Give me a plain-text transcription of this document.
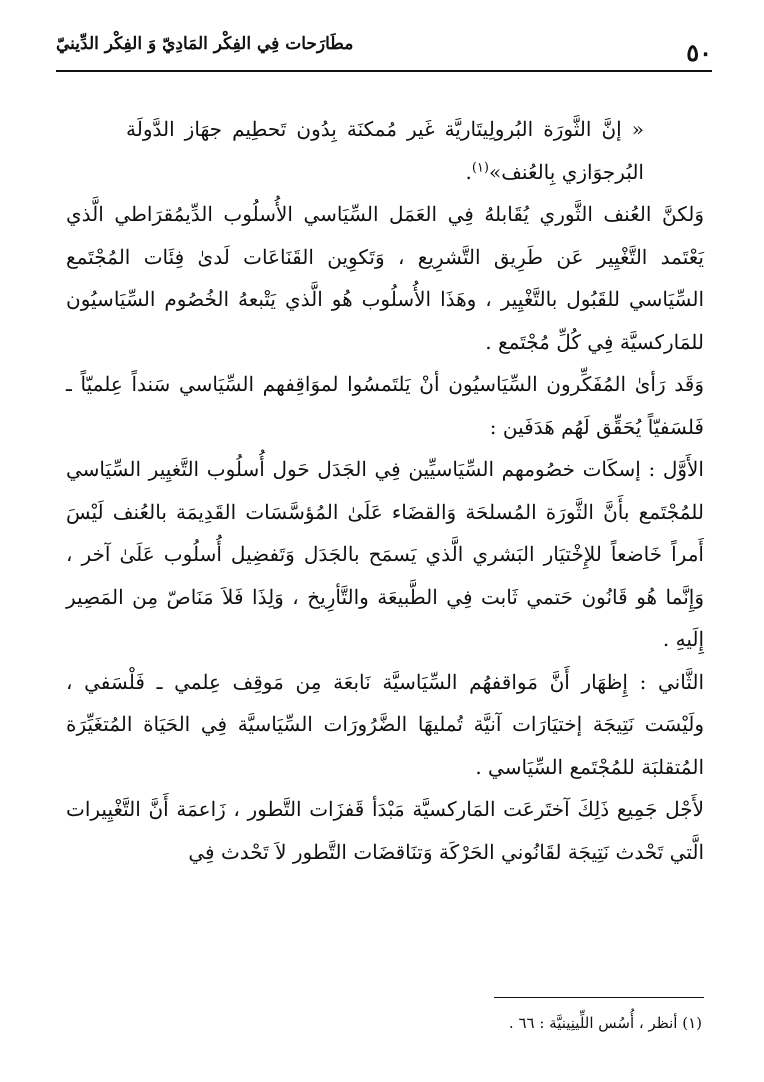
٥٠
مطَارَحات فِي الفِكْر المَادِيّ وَ الفِكْر الدِّينيّ

« إنَّ الثَّورَة البُرولِيتَاريَّة غَير مُمكنَة بِدُون تَحطِيم جهَاز الدَّولَة البُرجوَازي بِالعُنف»$^{(١)}$.

وَلكنَّ العُنف الثَّوري يُقَابلهُ فِي العَمَل السِّيَاسي الأُسلُوب الدِّيمُقرَاطي الَّذي يَعْتَمد التَّغْيِير عَن طَرِيق التَّشرِيع ، وَتَكوِين القَنَاعَات لَدىٰ فِئَات المُجْتَمع السِّيَاسي للقَبُول بالتَّغْيِير ، وهَذَا الأُسلُوب هُو الَّذي يَتْبعهُ الخُصُوم السِّيَاسيُون للمَاركسيَّة فِي كُلِّ مُجْتَمع .

وَقَد رَأىٰ المُفَكِّرون السِّيَاسيُون أنْ يَلتَمسُوا لموَاقِفهم السِّيَاسي سَنداً عِلميّاً ـ فَلسَفيّاً يُحَقِّق لَهُم هَدَفَين :

الأَوَّل : إسكَات خصُومهم السِّيَاسيِّين فِي الجَدَل حَول أُسلُوب التَّغيِير السِّيَاسي للمُجْتَمع بأَنَّ الثَّورَة المُسلحَة وَالقضَاء عَلَىٰ المُؤسَّسَات القَدِيمَة بالعُنف لَيْسَ أَمراً خَاضعاً للإِخْتيَار البَشري الَّذي يَسمَح بالجَدَل وَتَفضِيل أُسلُوب عَلَىٰ آخر ، وَإِنَّما هُو قَانُون حَتمي ثَابت فِي الطَّبيعَة والتَّأرِيخ ، وَلِذَا فَلاَ مَنَاصّ مِن المَصِير إِلَيهِ .

الثَّاني : إِظهَار أَنَّ مَواقفهُم السِّيَاسيَّة نَابعَة مِن مَوقِف عِلمي ـ فَلْسَفي ، ولَيْسَت نَتِيجَة إختيَارَات آنيَّة تُمليهَا الضَّرُورَات السِّيَاسيَّة فِي الحَيَاة المُتغَيِّرَة المُتقلبَة للمُجْتَمع السِّيَاسي .

لأَجْل جَمِيع ذَلِكَ آختَرعَت المَاركسيَّة مَبْدَأ قَفزَات التَّطور ، زَاعمَة أَنَّ التَّغْيِيرات الَّتي تَحْدث نَتِيجَة لقَانُوني الحَرْكَة وَتنَاقضَات التَّطور لاَ تَحْدث فِي

(١) أنظر ، أُسُس اللِّينِينيَّة : ٦٦ .
